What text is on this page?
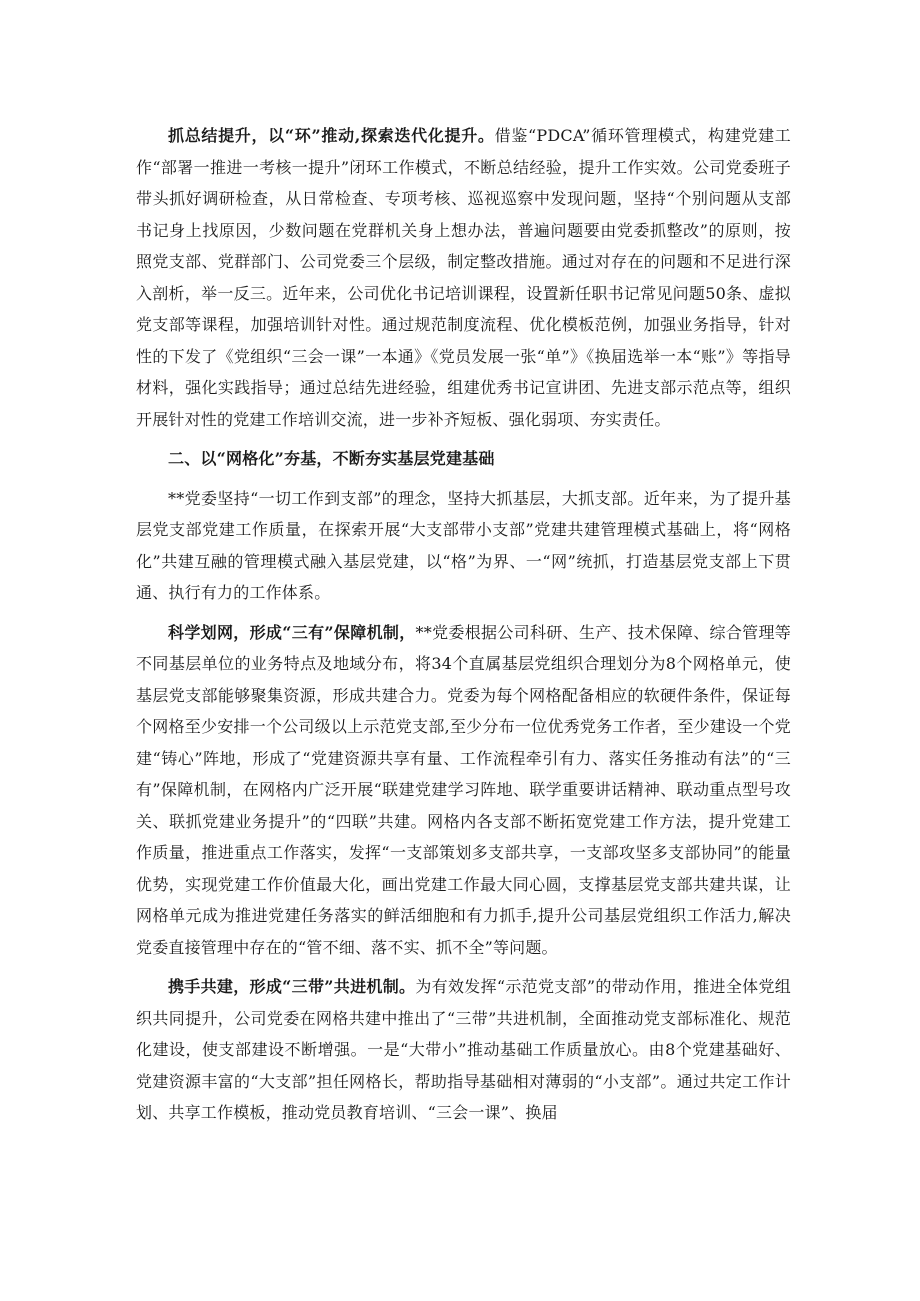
抓总结提升，以“环”推动,探索迭代化提升。借鉴“PDCA”循环管理模式，构建党建工作“部署一推进一考核一提升”闭环工作模式，不断总结经验，提升工作实效。公司党委班子带头抓好调研检查，从日常检查、专项考核、巡视巡察中发现问题，坚持“个别问题从支部书记身上找原因，少数问题在党群机关身上想办法，普遍问题要由党委抓整改”的原则，按照党支部、党群部门、公司党委三个层级，制定整改措施。通过对存在的问题和不足进行深入剖析，举一反三。近年来，公司优化书记培训课程，设置新任职书记常见问题50条、虚拟党支部等课程，加强培训针对性。通过规范制度流程、优化模板范例，加强业务指导，针对性的下发了《党组织“三会一课”一本通》《党员发展一张“单”》《换届选举一本“账”》等指导材料，强化实践指导；通过总结先进经验，组建优秀书记宣讲团、先进支部示范点等，组织开展针对性的党建工作培训交流，进一步补齐短板、强化弱项、夯实责任。

二、以“网格化”夯基，不断夯实基层党建基础

**党委坚持“一切工作到支部”的理念，坚持大抓基层，大抓支部。近年来，为了提升基层党支部党建工作质量，在探索开展“大支部带小支部”党建共建管理模式基础上，将“网格化”共建互融的管理模式融入基层党建，以“格”为界、一“网”统抓，打造基层党支部上下贯通、执行有力的工作体系。

科学划网，形成“三有”保障机制，**党委根据公司科研、生产、技术保障、综合管理等不同基层单位的业务特点及地域分布，将34个直属基层党组织合理划分为8个网格单元，使基层党支部能够聚集资源，形成共建合力。党委为每个网格配备相应的软硬件条件，保证每个网格至少安排一个公司级以上示范党支部,至少分布一位优秀党务工作者，至少建设一个党建“铸心”阵地，形成了“党建资源共享有量、工作流程牵引有力、落实任务推动有法”的“三有”保障机制，在网格内广泛开展“联建党建学习阵地、联学重要讲话精神、联动重点型号攻关、联抓党建业务提升”的“四联”共建。网格内各支部不断拓宽党建工作方法，提升党建工作质量，推进重点工作落实，发挥“一支部策划多支部共享，一支部攻坚多支部协同”的能量优势，实现党建工作价值最大化，画出党建工作最大同心圆，支撑基层党支部共建共谋，让网格单元成为推进党建任务落实的鲜活细胞和有力抓手,提升公司基层党组织工作活力,解决党委直接管理中存在的“管不细、落不实、抓不全”等问题。

携手共建，形成“三带”共进机制。为有效发挥“示范党支部”的带动作用，推进全体党组织共同提升，公司党委在网格共建中推出了“三带”共进机制，全面推动党支部标准化、规范化建设，使支部建设不断增强。一是“大带小”推动基础工作质量放心。由8个党建基础好、党建资源丰富的“大支部”担任网格长，帮助指导基础相对薄弱的“小支部”。通过共定工作计划、共享工作模板，推动党员教育培训、“三会一课”、换届
